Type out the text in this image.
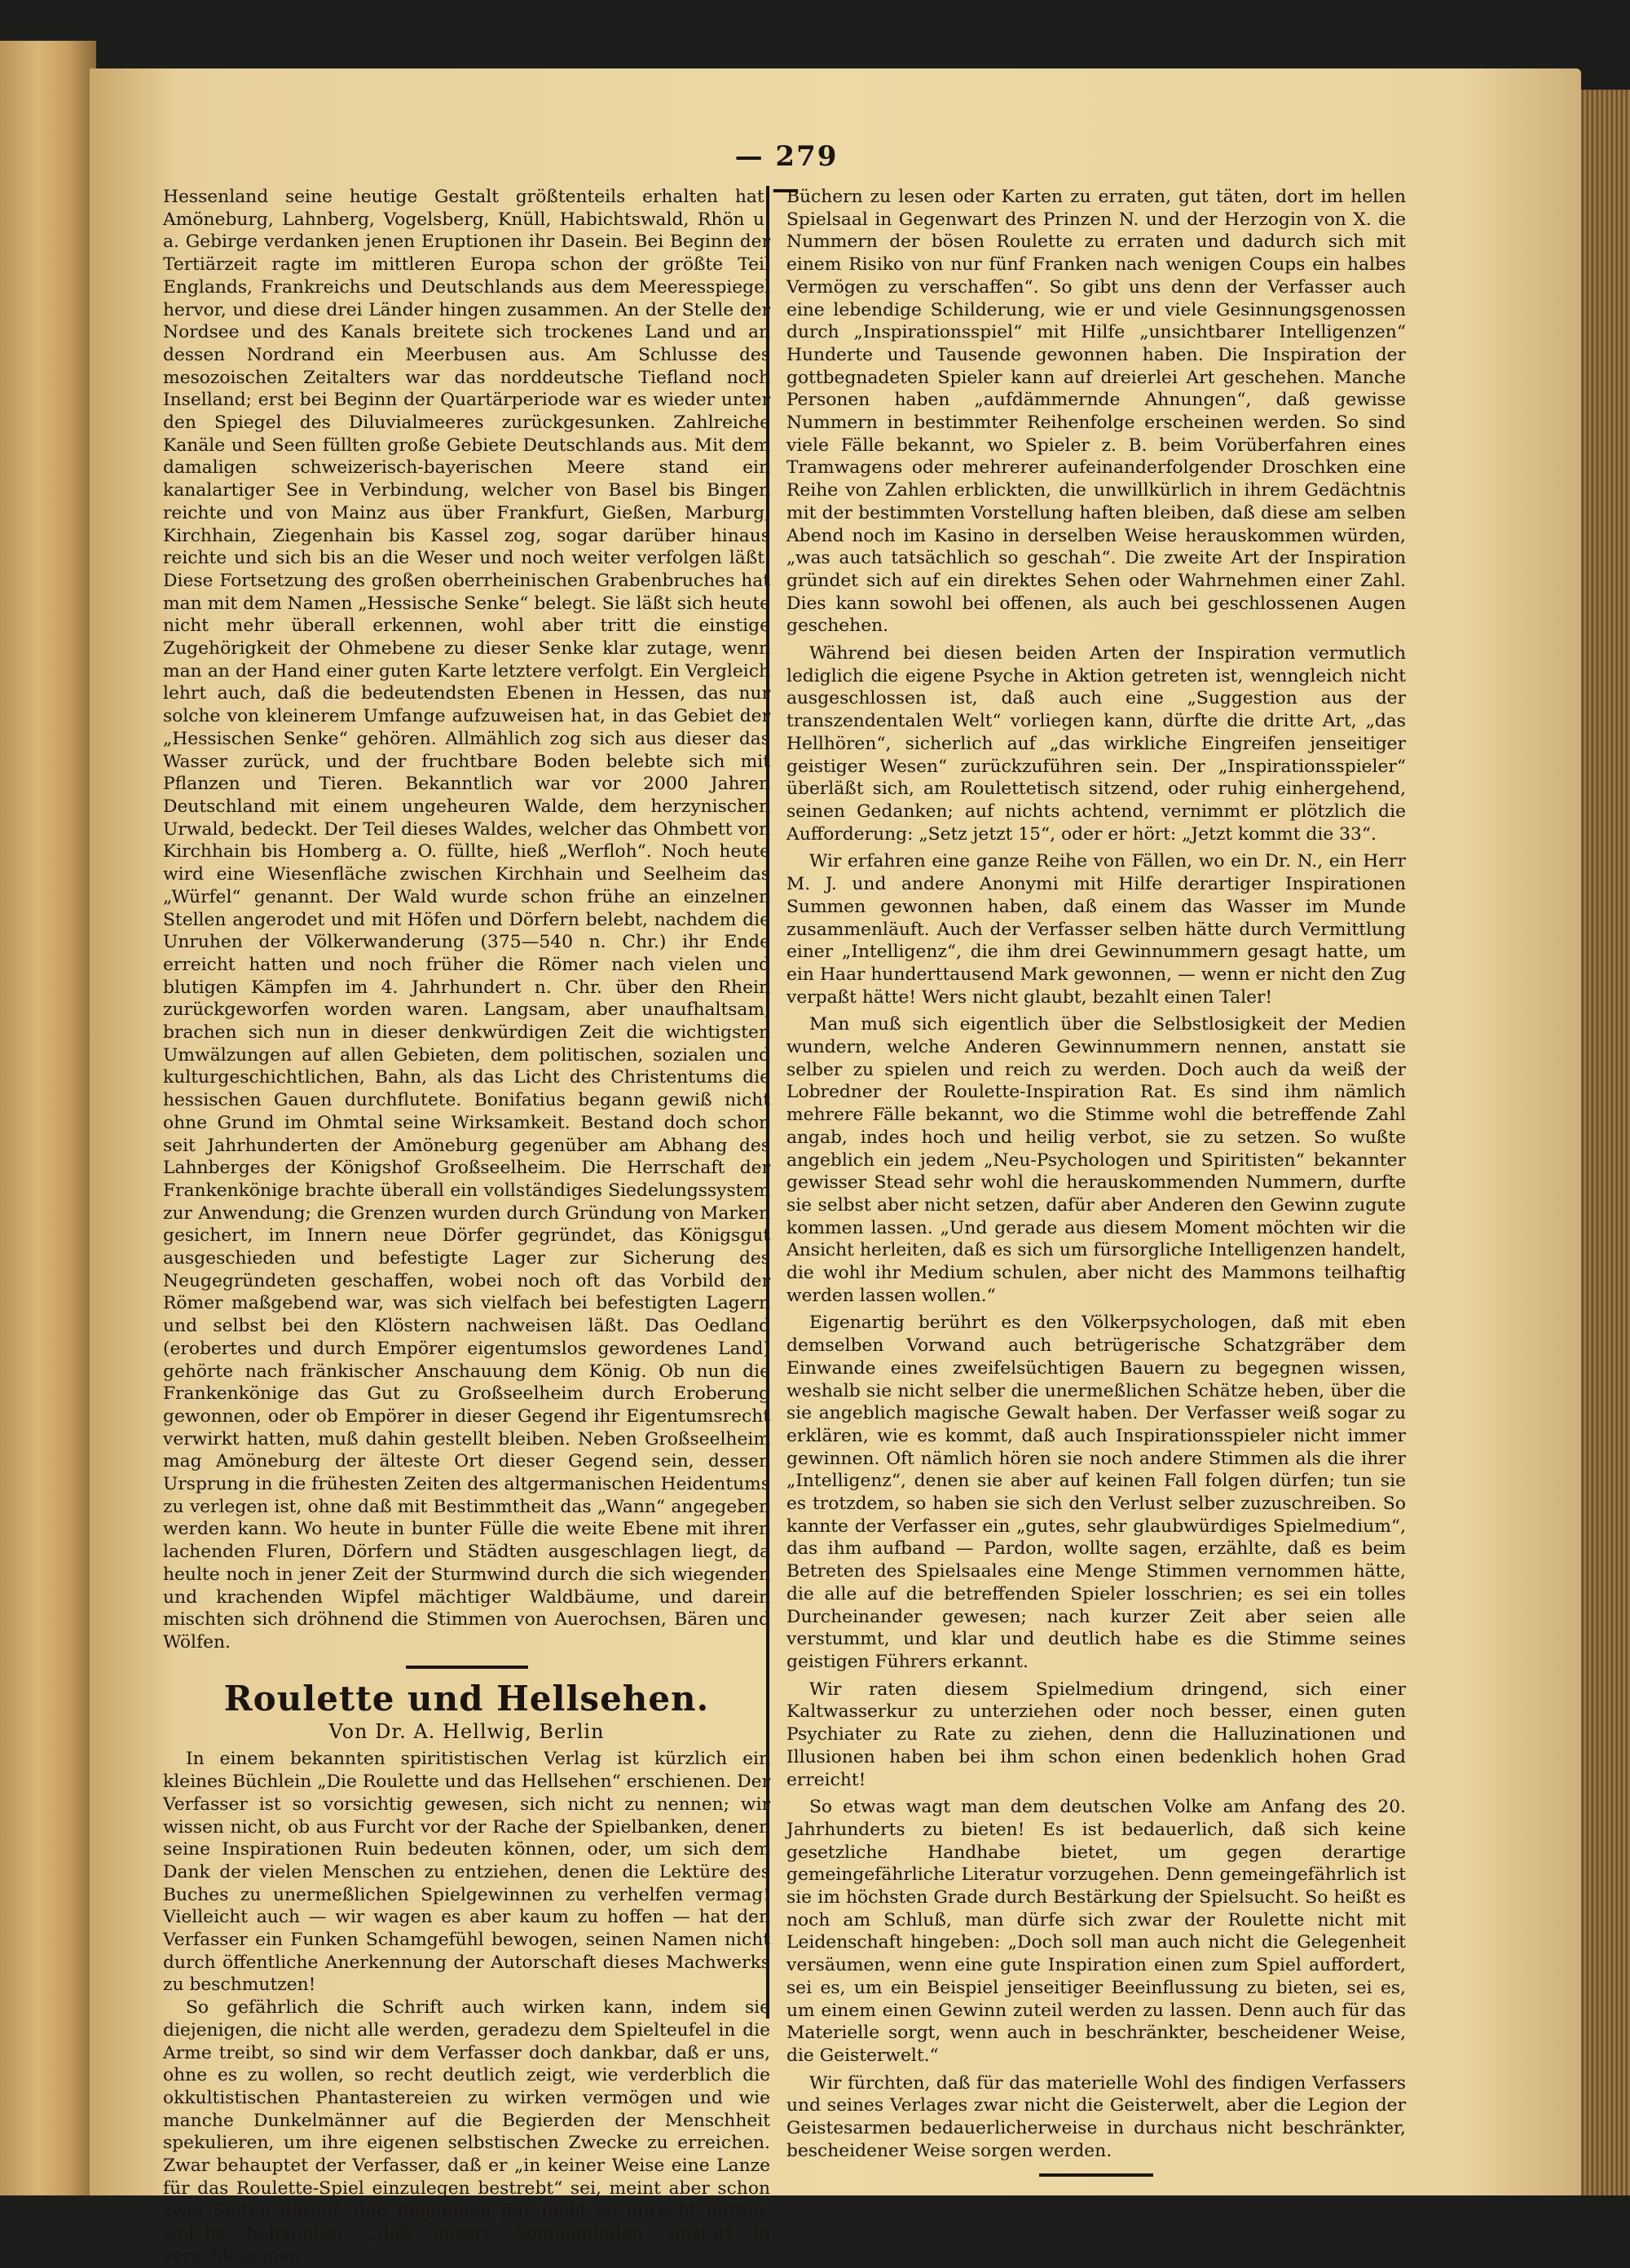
— 279 —

Hessenland seine heutige Gestalt größtenteils erhalten hat: Amöneburg, Lahnberg, Vogelsberg, Knüll, Habichtswald, Rhön u. a. Gebirge verdanken jenen Eruptionen ihr Dasein. Bei Beginn der Tertiärzeit ragte im mittleren Europa schon der größte Teil Englands, Frankreichs und Deutschlands aus dem Meeresspiegel hervor, und diese drei Länder hingen zusammen. An der Stelle der Nordsee und des Kanals breitete sich trockenes Land und an dessen Nordrand ein Meerbusen aus. Am Schlusse des mesozoischen Zeitalters war das norddeutsche Tiefland noch Inselland; erst bei Beginn der Quartärperiode war es wieder unter den Spiegel des Diluvialmeeres zurückgesunken. Zahlreiche Kanäle und Seen füllten große Gebiete Deutschlands aus. Mit dem damaligen schweizerisch-bayerischen Meere stand ein kanalartiger See in Verbindung, welcher von Basel bis Bingen reichte und von Mainz aus über Frankfurt, Gießen, Marburg, Kirchhain, Ziegenhain bis Kassel zog, sogar darüber hinaus reichte und sich bis an die Weser und noch weiter verfolgen läßt. Diese Fortsetzung des großen oberrheinischen Grabenbruches hat man mit dem Namen „Hessische Senke“ belegt. Sie läßt sich heute nicht mehr überall erkennen, wohl aber tritt die einstige Zugehörigkeit der Ohmebene zu dieser Senke klar zutage, wenn man an der Hand einer guten Karte letztere verfolgt. Ein Vergleich lehrt auch, daß die bedeutendsten Ebenen in Hessen, das nur solche von kleinerem Umfange aufzuweisen hat, in das Gebiet der „Hessischen Senke“ gehören. Allmählich zog sich aus dieser das Wasser zurück, und der fruchtbare Boden belebte sich mit Pflanzen und Tieren. Bekanntlich war vor 2000 Jahren Deutschland mit einem ungeheuren Walde, dem herzynischen Urwald, bedeckt. Der Teil dieses Waldes, welcher das Ohmbett von Kirchhain bis Homberg a. O. füllte, hieß „Werfloh“. Noch heute wird eine Wiesenfläche zwischen Kirchhain und Seelheim das „Würfel“ genannt. Der Wald wurde schon frühe an einzelnen Stellen angerodet und mit Höfen und Dörfern belebt, nachdem die Unruhen der Völkerwanderung (375—540 n. Chr.) ihr Ende erreicht hatten und noch früher die Römer nach vielen und blutigen Kämpfen im 4. Jahrhundert n. Chr. über den Rhein zurückgeworfen worden waren. Langsam, aber unaufhaltsam, brachen sich nun in dieser denkwürdigen Zeit die wichtigsten Umwälzungen auf allen Gebieten, dem politischen, sozialen und kulturgeschichtlichen, Bahn, als das Licht des Christentums die hessischen Gauen durchflutete. Bonifatius begann gewiß nicht ohne Grund im Ohmtal seine Wirksamkeit. Bestand doch schon seit Jahrhunderten der Amöneburg gegenüber am Abhang des Lahnberges der Königshof Großseelheim. Die Herrschaft der Frankenkönige brachte überall ein vollständiges Siedelungssystem zur Anwendung; die Grenzen wurden durch Gründung von Marken gesichert, im Innern neue Dörfer gegründet, das Königsgut ausgeschieden und befestigte Lager zur Sicherung des Neugegründeten geschaffen, wobei noch oft das Vorbild der Römer maßgebend war, was sich vielfach bei befestigten Lagern und selbst bei den Klöstern nachweisen läßt. Das Oedland (erobertes und durch Empörer eigentumslos gewordenes Land) gehörte nach fränkischer Anschauung dem König. Ob nun die Frankenkönige das Gut zu Großseelheim durch Eroberung gewonnen, oder ob Empörer in dieser Gegend ihr Eigentumsrecht verwirkt hatten, muß dahin gestellt bleiben. Neben Großseelheim mag Amöneburg der älteste Ort dieser Gegend sein, dessen Ursprung in die frühesten Zeiten des altgermanischen Heidentums zu verlegen ist, ohne daß mit Bestimmtheit das „Wann“ angegeben werden kann. Wo heute in bunter Fülle die weite Ebene mit ihren lachenden Fluren, Dörfern und Städten ausgeschlagen liegt, da heulte noch in jener Zeit der Sturmwind durch die sich wiegenden und krachenden Wipfel mächtiger Waldbäume, und darein mischten sich dröhnend die Stimmen von Auerochsen, Bären und Wölfen.

Roulette und Hellsehen.
Von Dr. A. Hellwig, Berlin

In einem bekannten spiritistischen Verlag ist kürzlich ein kleines Büchlein „Die Roulette und das Hellsehen“ erschienen. Der Verfasser ist so vorsichtig gewesen, sich nicht zu nennen; wir wissen nicht, ob aus Furcht vor der Rache der Spielbanken, denen seine Inspirationen Ruin bedeuten können, oder, um sich dem Dank der vielen Menschen zu entziehen, denen die Lektüre des Buches zu unermeßlichen Spielgewinnen zu verhelfen vermag! Vielleicht auch — wir wagen es aber kaum zu hoffen — hat den Verfasser ein Funken Schamgefühl bewogen, seinen Namen nicht durch öffentliche Anerkennung der Autorschaft dieses Machwerks zu beschmutzen!

So gefährlich die Schrift auch wirken kann, indem sie diejenigen, die nicht alle werden, geradezu dem Spielteufel in die Arme treibt, so sind wir dem Verfasser doch dankbar, daß er uns, ohne es zu wollen, so recht deutlich zeigt, wie verderblich die okkultistischen Phantastereien zu wirken vermögen und wie manche Dunkelmänner auf die Begierden der Menschheit spekulieren, um ihre eigenen selbstischen Zwecke zu erreichen. Zwar behauptet der Verfasser, daß er „in keiner Weise eine Lanze für das Roulette-Spiel einzulegen bestrebt“ sei, meint aber schon zwei Seiten darauf, daß diejenigen gar nicht so unrecht hätten, welche behaupten, „daß unsere Somnambulen, anstatt in verschlossenen

Büchern zu lesen oder Karten zu erraten, gut täten, dort im hellen Spielsaal in Gegenwart des Prinzen N. und der Herzogin von X. die Nummern der bösen Roulette zu erraten und dadurch sich mit einem Risiko von nur fünf Franken nach wenigen Coups ein halbes Vermögen zu verschaffen“. So gibt uns denn der Verfasser auch eine lebendige Schilderung, wie er und viele Gesinnungsgenossen durch „Inspirationsspiel“ mit Hilfe „unsichtbarer Intelligenzen“ Hunderte und Tausende gewonnen haben. Die Inspiration der gottbegnadeten Spieler kann auf dreierlei Art geschehen. Manche Personen haben „aufdämmernde Ahnungen“, daß gewisse Nummern in bestimmter Reihenfolge erscheinen werden. So sind viele Fälle bekannt, wo Spieler z. B. beim Vorüberfahren eines Tramwagens oder mehrerer aufeinanderfolgender Droschken eine Reihe von Zahlen erblickten, die unwillkürlich in ihrem Gedächtnis mit der bestimmten Vorstellung haften bleiben, daß diese am selben Abend noch im Kasino in derselben Weise herauskommen würden, „was auch tatsächlich so geschah“. Die zweite Art der Inspiration gründet sich auf ein direktes Sehen oder Wahrnehmen einer Zahl. Dies kann sowohl bei offenen, als auch bei geschlossenen Augen geschehen.

Während bei diesen beiden Arten der Inspiration vermutlich lediglich die eigene Psyche in Aktion getreten ist, wenngleich nicht ausgeschlossen ist, daß auch eine „Suggestion aus der transzendentalen Welt“ vorliegen kann, dürfte die dritte Art, „das Hellhören“, sicherlich auf „das wirkliche Eingreifen jenseitiger geistiger Wesen“ zurückzuführen sein. Der „Inspirationsspieler“ überläßt sich, am Roulettetisch sitzend, oder ruhig einhergehend, seinen Gedanken; auf nichts achtend, vernimmt er plötzlich die Aufforderung: „Setz jetzt 15“, oder er hört: „Jetzt kommt die 33“.

Wir erfahren eine ganze Reihe von Fällen, wo ein Dr. N., ein Herr M. J. und andere Anonymi mit Hilfe derartiger Inspirationen Summen gewonnen haben, daß einem das Wasser im Munde zusammenläuft. Auch der Verfasser selben hätte durch Vermittlung einer „Intelligenz“, die ihm drei Gewinnummern gesagt hatte, um ein Haar hunderttausend Mark gewonnen, — wenn er nicht den Zug verpaßt hätte! Wers nicht glaubt, bezahlt einen Taler!

Man muß sich eigentlich über die Selbstlosigkeit der Medien wundern, welche Anderen Gewinnummern nennen, anstatt sie selber zu spielen und reich zu werden. Doch auch da weiß der Lobredner der Roulette-Inspiration Rat. Es sind ihm nämlich mehrere Fälle bekannt, wo die Stimme wohl die betreffende Zahl angab, indes hoch und heilig verbot, sie zu setzen. So wußte angeblich ein jedem „Neu-Psychologen und Spiritisten“ bekannter gewisser Stead sehr wohl die herauskommenden Nummern, durfte sie selbst aber nicht setzen, dafür aber Anderen den Gewinn zugute kommen lassen. „Und gerade aus diesem Moment möchten wir die Ansicht herleiten, daß es sich um fürsorgliche Intelligenzen handelt, die wohl ihr Medium schulen, aber nicht des Mammons teilhaftig werden lassen wollen.“

Eigenartig berührt es den Völkerpsychologen, daß mit eben demselben Vorwand auch betrügerische Schatzgräber dem Einwande eines zweifelsüchtigen Bauern zu begegnen wissen, weshalb sie nicht selber die unermeßlichen Schätze heben, über die sie angeblich magische Gewalt haben. Der Verfasser weiß sogar zu erklären, wie es kommt, daß auch Inspirationsspieler nicht immer gewinnen. Oft nämlich hören sie noch andere Stimmen als die ihrer „Intelligenz“, denen sie aber auf keinen Fall folgen dürfen; tun sie es trotzdem, so haben sie sich den Verlust selber zuzuschreiben. So kannte der Verfasser ein „gutes, sehr glaubwürdiges Spielmedium“, das ihm aufband — Pardon, wollte sagen, erzählte, daß es beim Betreten des Spielsaales eine Menge Stimmen vernommen hätte, die alle auf die betreffenden Spieler losschrien; es sei ein tolles Durcheinander gewesen; nach kurzer Zeit aber seien alle verstummt, und klar und deutlich habe es die Stimme seines geistigen Führers erkannt.

Wir raten diesem Spielmedium dringend, sich einer Kaltwasserkur zu unterziehen oder noch besser, einen guten Psychiater zu Rate zu ziehen, denn die Halluzinationen und Illusionen haben bei ihm schon einen bedenklich hohen Grad erreicht!

So etwas wagt man dem deutschen Volke am Anfang des 20. Jahrhunderts zu bieten! Es ist bedauerlich, daß sich keine gesetzliche Handhabe bietet, um gegen derartige gemeingefährliche Literatur vorzugehen. Denn gemeingefährlich ist sie im höchsten Grade durch Bestärkung der Spielsucht. So heißt es noch am Schluß, man dürfe sich zwar der Roulette nicht mit Leidenschaft hingeben: „Doch soll man auch nicht die Gelegenheit versäumen, wenn eine gute Inspiration einen zum Spiel auffordert, sei es, um ein Beispiel jenseitiger Beeinflussung zu bieten, sei es, um einem einen Gewinn zuteil werden zu lassen. Denn auch für das Materielle sorgt, wenn auch in beschränkter, bescheidener Weise, die Geisterwelt.“

Wir fürchten, daß für das materielle Wohl des findigen Verfassers und seines Verlages zwar nicht die Geisterwelt, aber die Legion der Geistesarmen bedauerlicherweise in durchaus nicht beschränkter, bescheidener Weise sorgen werden.
